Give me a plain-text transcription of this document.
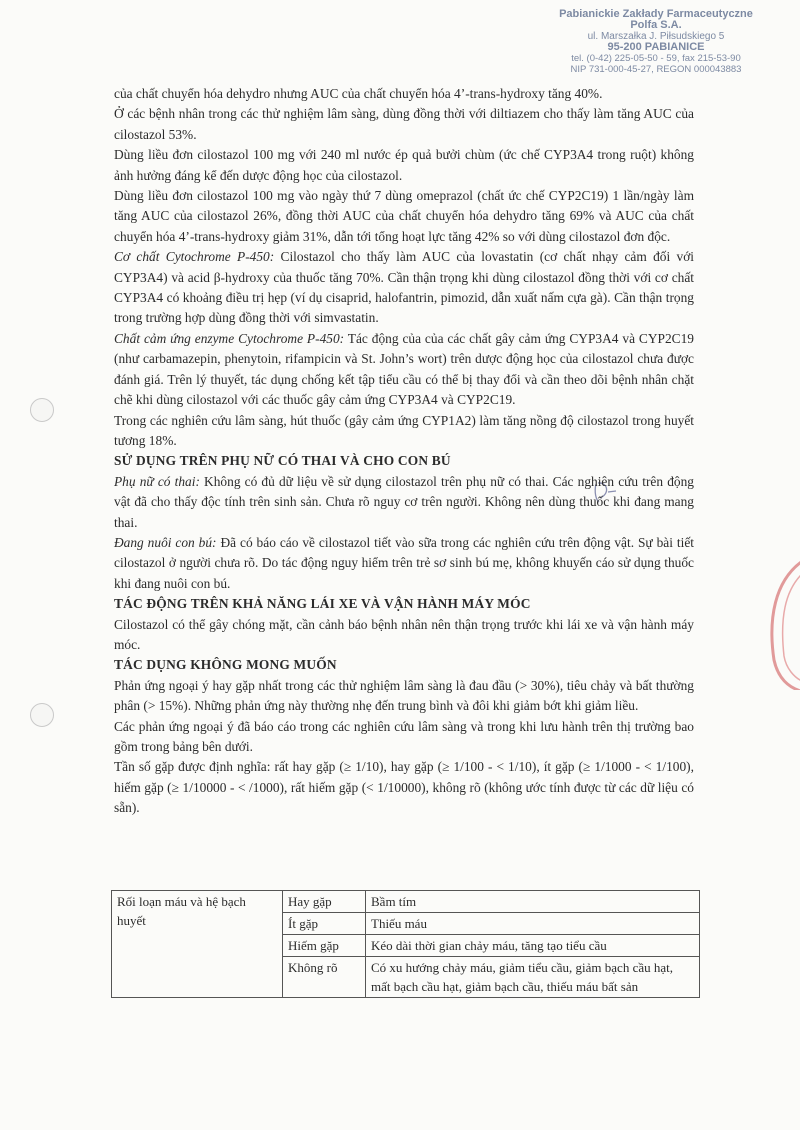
Pabianickie Zakłady Farmaceutyczne
Polfa S.A.
ul. Marszałka J. Piłsudskiego 5
95-200 PABIANICE
tel. (0-42) 225-05-50 - 59, fax 215-53-90
NIP 731-000-45-27, REGON 000043883

của chất chuyển hóa dehydro nhưng AUC của chất chuyển hóa 4’-trans-hydroxy tăng 40%.

Ở các bệnh nhân trong các thử nghiệm lâm sàng, dùng đồng thời với diltiazem cho thấy làm tăng AUC của cilostazol 53%.

Dùng liều đơn cilostazol 100 mg với 240 ml nước ép quả bưởi chùm (ức chế CYP3A4 trong ruột) không ảnh hưởng đáng kể đến dược động học của cilostazol.

Dùng liều đơn cilostazol 100 mg vào ngày thứ 7 dùng omeprazol (chất ức chế CYP2C19) 1 lần/ngày làm tăng AUC của cilostazol 26%, đồng thời AUC của chất chuyển hóa dehydro tăng 69% và AUC của chất chuyển hóa 4’-trans-hydroxy giảm 31%, dẫn tới tổng hoạt lực tăng 42% so với dùng cilostazol đơn độc.

Cơ chất Cytochrome P-450: Cilostazol cho thấy làm AUC của lovastatin (cơ chất nhạy cảm đối với CYP3A4) và acid β-hydroxy của thuốc tăng 70%. Cần thận trọng khi dùng cilostazol đồng thời với cơ chất CYP3A4 có khoảng điều trị hẹp (ví dụ cisaprid, halofantrin, pimozid, dẫn xuất nấm cựa gà). Cần thận trọng trong trường hợp dùng đồng thời với simvastatin.

Chất cảm ứng enzyme Cytochrome P-450: Tác động của của các chất gây cảm ứng CYP3A4 và CYP2C19 (như carbamazepin, phenytoin, rifampicin và St. John’s wort) trên dược động học của cilostazol chưa được đánh giá. Trên lý thuyết, tác dụng chống kết tập tiểu cầu có thể bị thay đổi và cần theo dõi bệnh nhân chặt chẽ khi dùng cilostazol với các thuốc gây cảm ứng CYP3A4 và CYP2C19.

Trong các nghiên cứu lâm sàng, hút thuốc (gây cảm ứng CYP1A2) làm tăng nồng độ cilostazol trong huyết tương 18%.

SỬ DỤNG TRÊN PHỤ NỮ CÓ THAI VÀ CHO CON BÚ

Phụ nữ có thai: Không có đủ dữ liệu về sử dụng cilostazol trên phụ nữ có thai. Các nghiên cứu trên động vật đã cho thấy độc tính trên sinh sản. Chưa rõ nguy cơ trên người. Không nên dùng thuốc khi đang mang thai.

Đang nuôi con bú: Đã có báo cáo về cilostazol tiết vào sữa trong các nghiên cứu trên động vật. Sự bài tiết cilostazol ở người chưa rõ. Do tác động nguy hiểm trên trẻ sơ sinh bú mẹ, không khuyến cáo sử dụng thuốc khi đang nuôi con bú.

TÁC ĐỘNG TRÊN KHẢ NĂNG LÁI XE VÀ VẬN HÀNH MÁY MÓC

Cilostazol có thể gây chóng mặt, cần cảnh báo bệnh nhân nên thận trọng trước khi lái xe và vận hành máy móc.

TÁC DỤNG KHÔNG MONG MUỐN

Phản ứng ngoại ý hay gặp nhất trong các thử nghiệm lâm sàng là đau đầu (> 30%), tiêu chảy và bất thường phân (> 15%). Những phản ứng này thường nhẹ đến trung bình và đôi khi giảm bớt khi giảm liều.

Các phản ứng ngoại ý đã báo cáo trong các nghiên cứu lâm sàng và trong khi lưu hành trên thị trường bao gồm trong bảng bên dưới.

Tần số gặp được định nghĩa: rất hay gặp (≥ 1/10), hay gặp (≥ 1/100 - < 1/10), ít gặp (≥ 1/1000 - < 1/100), hiếm gặp (≥ 1/10000 - < /1000), rất hiếm gặp (< 1/10000), không rõ (không ước tính được từ các dữ liệu có sẵn).

Rối loạn máu và hệ bạch huyết	Hay gặp	Bầm tím
	Ít gặp	Thiếu máu
	Hiếm gặp	Kéo dài thời gian chảy máu, tăng tạo tiểu cầu
	Không rõ	Có xu hướng chảy máu, giảm tiểu cầu, giảm bạch cầu hạt, mất bạch cầu hạt, giảm bạch cầu, thiếu máu bất sản
